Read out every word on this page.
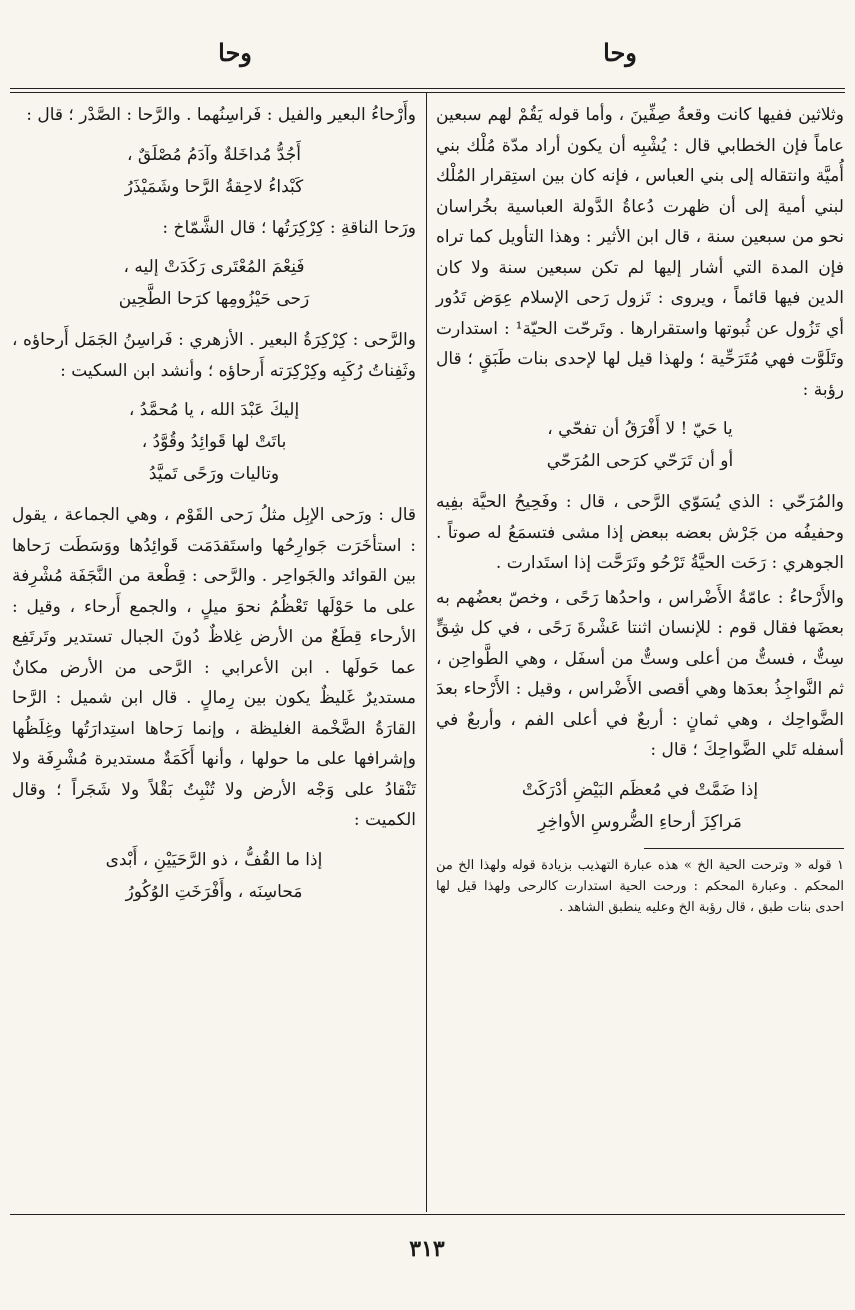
وحا
وحا

وثلاثين ففيها كانت وقعةُ صِفِّينَ ، وأما قوله يَقُمْ لهم سبعين عاماً فإن الخطابي قال : يُشْبِه أن يكون أراد مدّة مُلْك بني أُميَّة وانتقاله إلى بني العباس ، فإنه كان بين استِقرار المُلْك لبني أمية إلى أن ظهرت دُعاةُ الدَّولة العباسية بخُراسان نحو من سبعين سنة ، قال ابن الأثير : وهذا التأويل كما تراه فإن المدة التي أشار إليها لم تكن سبعين سنة ولا كان الدين فيها قائماً ، ويروى : تَزول رَحى الإسلام عِوَض تَدُور أي تَزُول عن ثُبوتها واستقرارها . وتَرحّت الحيّة¹ : استدارت وتَلَوَّت فهي مُتَرَحِّية ؛ ولهذا قيل لها لإحدى بنات طَبَقٍ ؛ قال رؤبة :

يا حَيّ ! لا أَفْرَقُ أن تفحّي ،
أو أن تَرَحّي كرَحى المُرَحّي

والمُرَحّي : الذي يُسَوّي الرَّحى ، قال : وفَحِيحُ الحيَّة بفِيه وحفيفُه من جَرْش بعضه ببعض إذا مشى فتسمَعُ له صوتاً . الجوهري : رَحَت الحيَّةُ تَرْحُو وتَرَحَّت إذا استَدارت .

والأَرْحاءُ : عامّةُ الأَضْراس ، واحدُها رَحًى ، وخصّ بعضُهم به بعضَها فقال قوم : للإنسان اثنتا عَشْرةَ رَحًى ، في كل شِقٍّ سِتٌّ ، فستٌّ من أعلى وستٌّ من أسفَل ، وهي الطَّواحِن ، ثم النَّواجِذُ بعدَها وهي أقصى الأَضْراس ، وقيل : الأَرْحاء بعدَ الضَّواحِك ، وهي ثمانٍ : أربعٌ في أعلى الفم ، وأربعٌ في أسفله تَلي الضَّواحِكَ ؛ قال :

إذا ضَمَّتْ في مُعظَم البَيْضِ أدْرَكَتْ
مَراكِزَ أرحاءِ الضُّروسِ الأواخِرِ
١ قوله « وترحت الحية الخ » هذه عبارة التهذيب بزيادة قوله ولهذا الخ من المحكم . وعبارة المحكم : ورحت الحية استدارت كالرحى ولهذا قيل لها احدى بنات طبق ، قال رؤبة الخ وعليه ينطبق الشاهد .

وأَرْحاءُ البعير والفيل : فَراسِنُهما . والرَّحا : الصَّدْر ؛ قال :

أَجُدُّ مُداخَلةٌ وآدَمُ مُصْلَقٌ ،
كَبْداءُ لاحِقةُ الرَّحا وشَمَيْذَرُ

ورَحا الناقةِ : كِرْكِرَتُها ؛ قال الشَّمّاخ :

فَنِعْمَ المُعْتَرى رَكَدَتْ إليه ،
رَحى حَيْزُومِها كرَحا الطَّحِين

والرَّحى : كِرْكِرَةُ البعير . الأزهري : فَراسِنُ الجَمَل أَرحاؤه ، وثَفِناتُ رُكَبِه وكِرْكِرَته أَرحاؤه ؛ وأنشد ابن السكيت :

إليكَ عَبْدَ الله ، يا مُحمَّدُ ،
باتَتْ لها قَوائِدُ وقُوَّدُ ،
وتاليات ورَحًى تَميَّدُ

قال : ورَحى الإبِل مثلُ رَحى القَوْم ، وهي الجماعة ، يقول : استأخَرَت جَوارِحُها واستَقدَمَت قَوائِدُها ووَسَطَت رَحاها بين القوائد والجَواحِر . والرَّحى : قِطْعة من النَّجَفَة مُشْرِفة على ما حَوْلَها تَعْظُمُ نحوَ ميلٍ ، والجمع أَرحاء ، وقيل : الأرحاء قِطَعٌ من الأرض غِلاظٌ دُونَ الجبال تستدير وتَرتَفِع عما حَولَها . ابن الأعرابي : الرَّحى من الأرض مكانٌ مستديرٌ غَليظٌ يكون بين رِمالٍ . قال ابن شميل : الرَّحا القارَةُ الضَّخْمة الغليظة ، وإنما رَحاها استِدارَتُها وغِلَظُها وإشرافها على ما حولها ، وأنها أَكَمَةٌ مستديرة مُشْرِفَة ولا تَنْقادُ على وَجْه الأرض ولا تُنْبِتُ بَقْلاً ولا شَجَراً ؛ وقال الكميت :

إذا ما القُفُّ ، ذو الرَّحَيَيْنِ ، أَبْدى
مَحاسِنَه ، وأَفْرَخَتِ الوُكُورُ
٣١٣
